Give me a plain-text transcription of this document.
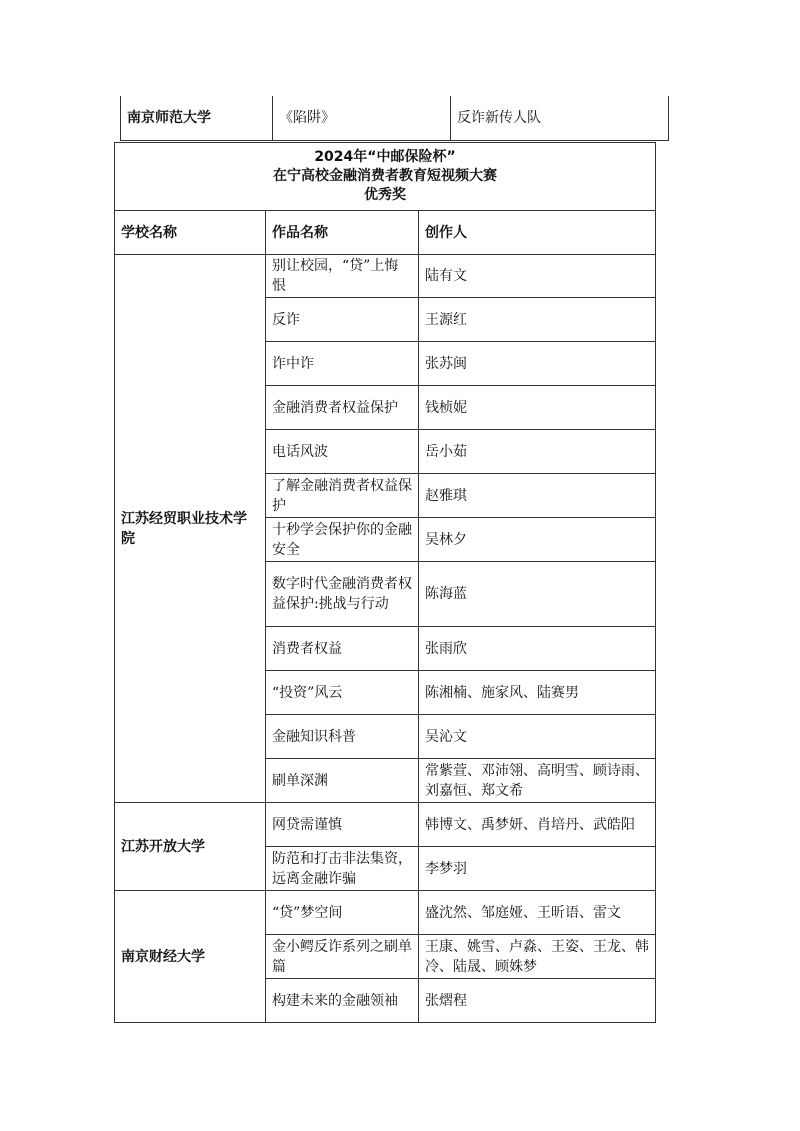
南京师范大学	《陷阱》	反诈新传人队
2024年“中邮保险杯”
在宁高校金融消费者教育短视频大赛
优秀奖		

学校名称	作品名称	创作人
江苏经贸职业技术学院	别让校园，“贷”上悔恨	陆有文
	反诈	王源红
	诈中诈	张苏闽
	金融消费者权益保护	钱桢妮
	电话风波	岳小茹
	了解金融消费者权益保护	赵雅琪
	十秒学会保护你的金融安全	吴林夕
	数字时代金融消费者权益保护:挑战与行动	陈海蓝
	消费者权益	张雨欣
	“投资”风云	陈湘楠、施家风、陆赛男
	金融知识科普	吴沁文
	刷单深渊	常紫萱、邓沛翎、高明雪、顾诗雨、刘嘉恒、郑文希
江苏开放大学	网贷需谨慎	韩博文、禹梦妍、肖培丹、武皓阳
	防范和打击非法集资，远离金融诈骗	李梦羽
南京财经大学	“贷”梦空间	盛沈然、邹庭娅、王昕语、雷文
	金小鳄反诈系列之刷单篇	王康、姚雪、卢淼、王姿、王龙、韩冷、陆晟、顾姝梦
	构建未来的金融领袖	张熠程
